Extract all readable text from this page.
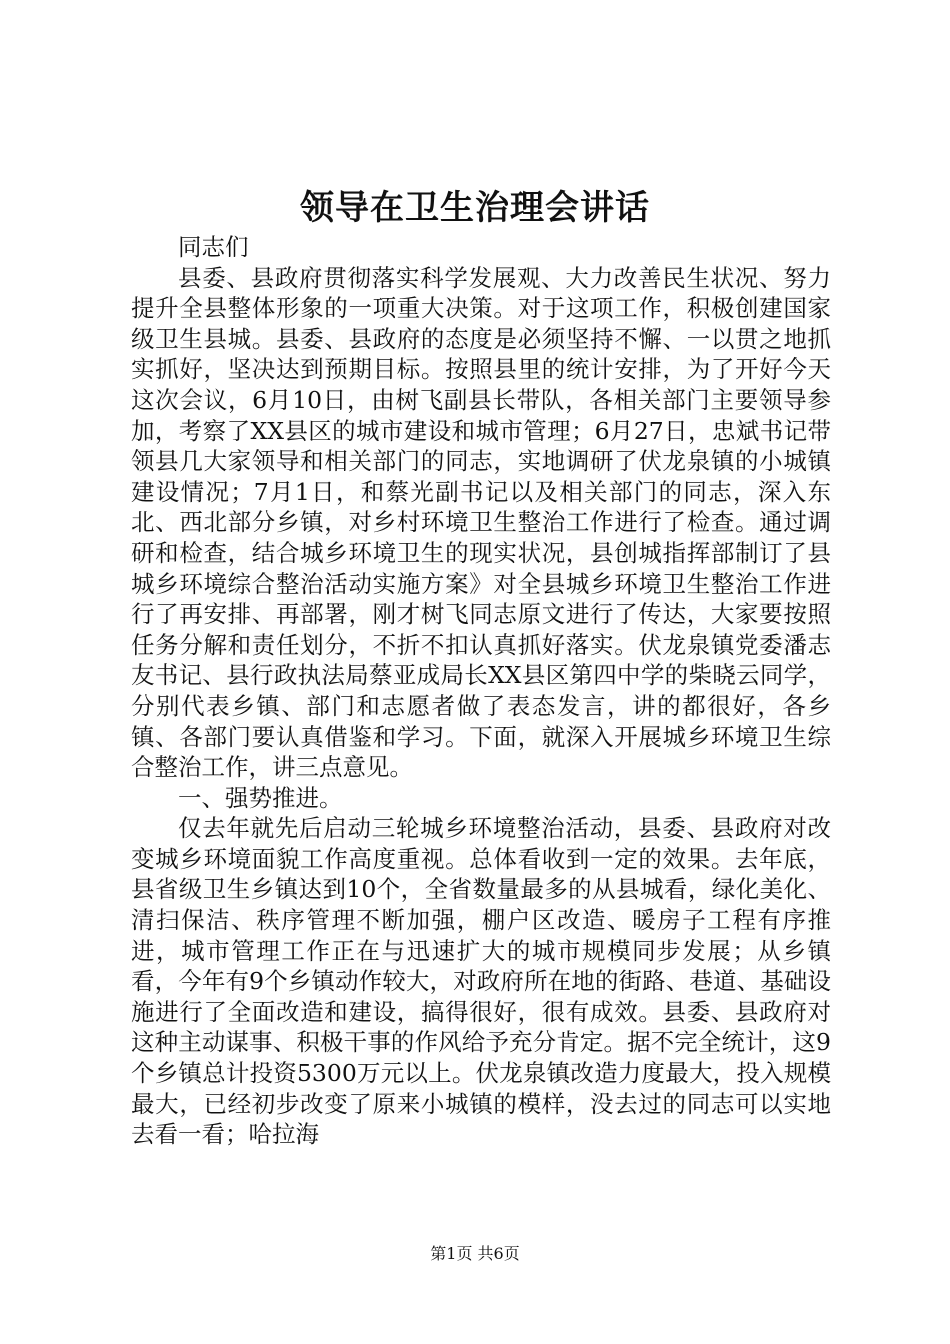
领导在卫生治理会讲话

同志们

县委、县政府贯彻落实科学发展观、大力改善民生状况、努力提升全县整体形象的一项重大决策。对于这项工作，积极创建国家级卫生县城。县委、县政府的态度是必须坚持不懈、一以贯之地抓实抓好，坚决达到预期目标。按照县里的统计安排，为了开好今天这次会议，6月10日，由树飞副县长带队，各相关部门主要领导参加，考察了XX县区的城市建设和城市管理；6月27日，忠斌书记带领县几大家领导和相关部门的同志，实地调研了伏龙泉镇的小城镇建设情况；7月1日，和蔡光副书记以及相关部门的同志，深入东北、西北部分乡镇，对乡村环境卫生整治工作进行了检查。通过调研和检查，结合城乡环境卫生的现实状况，县创城指挥部制订了县城乡环境综合整治活动实施方案》对全县城乡环境卫生整治工作进行了再安排、再部署，刚才树飞同志原文进行了传达，大家要按照任务分解和责任划分，不折不扣认真抓好落实。伏龙泉镇党委潘志友书记、县行政执法局蔡亚成局长XX县区第四中学的柴晓云同学，分别代表乡镇、部门和志愿者做了表态发言，讲的都很好，各乡镇、各部门要认真借鉴和学习。下面，就深入开展城乡环境卫生综合整治工作，讲三点意见。

一、强势推进。

仅去年就先后启动三轮城乡环境整治活动，县委、县政府对改变城乡环境面貌工作高度重视。总体看收到一定的效果。去年底，县省级卫生乡镇达到10个，全省数量最多的从县城看，绿化美化、清扫保洁、秩序管理不断加强，棚户区改造、暖房子工程有序推进，城市管理工作正在与迅速扩大的城市规模同步发展；从乡镇看，今年有9个乡镇动作较大，对政府所在地的街路、巷道、基础设施进行了全面改造和建设，搞得很好，很有成效。县委、县政府对这种主动谋事、积极干事的作风给予充分肯定。据不完全统计，这9个乡镇总计投资5300万元以上。伏龙泉镇改造力度最大，投入规模最大，已经初步改变了原来小城镇的模样，没去过的同志可以实地去看一看；哈拉海

第1页 共6页
